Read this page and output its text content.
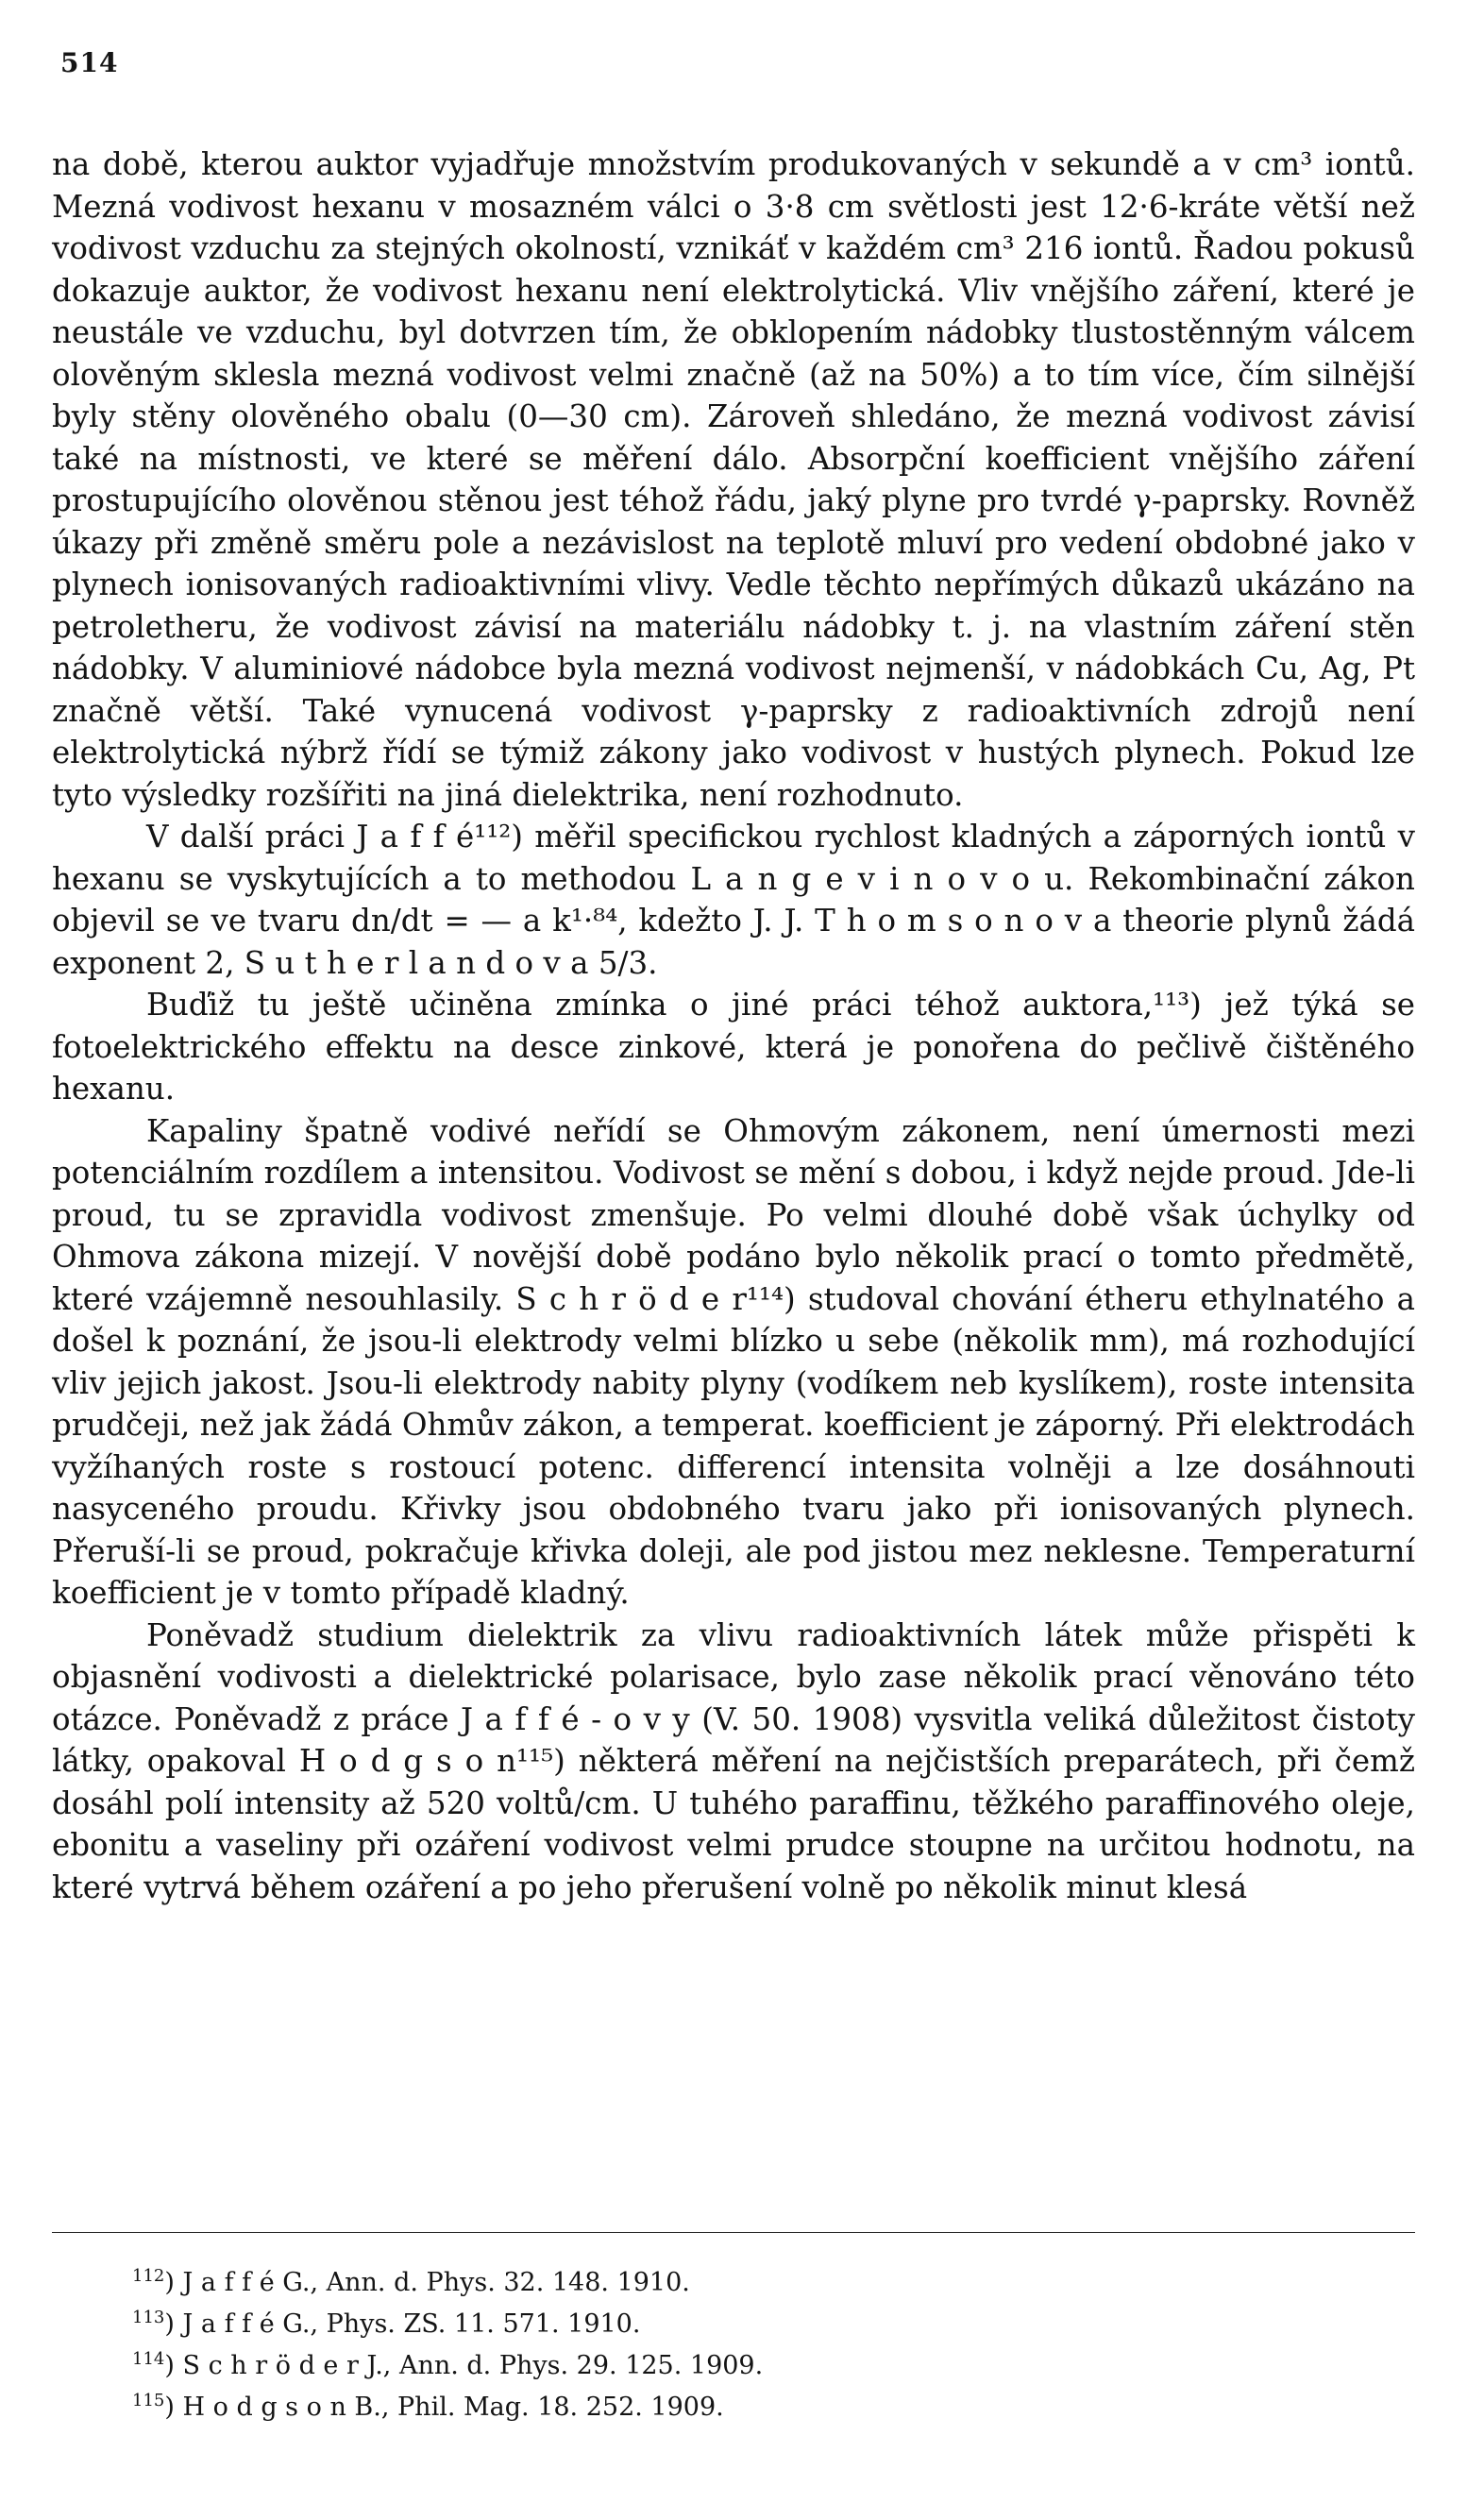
514

na době, kterou auktor vyjadřuje množstvím produkovaných v sekundě a v cm³ iontů. Mezná vodivost hexanu v mosazném válci o 3·8 cm světlosti jest 12·6-kráte větší než vodivost vzduchu za stejných okolností, vznikáť v každém cm³ 216 iontů. Řadou pokusů dokazuje auktor, že vodivost hexanu není elektrolytická. Vliv vnějšího záření, které je neustále ve vzduchu, byl dotvrzen tím, že obklopením nádobky tlustostěnným válcem olověným sklesla mezná vodivost velmi značně (až na 50%) a to tím více, čím silnější byly stěny olověného obalu (0—30 cm). Zároveň shledáno, že mezná vodivost závisí také na místnosti, ve které se měření dálo. Absorpční koefficient vnějšího záření prostupujícího olověnou stěnou jest téhož řádu, jaký plyne pro tvrdé γ-paprsky. Rovněž úkazy při změně směru pole a nezávislost na teplotě mluví pro vedení obdobné jako v plynech ionisovaných radioaktivními vlivy. Vedle těchto nepřímých důkazů ukázáno na petroletheru, že vodivost závisí na materiálu nádobky t. j. na vlastním záření stěn nádobky. V aluminiové nádobce byla mezná vodivost nejmenší, v nádobkách Cu, Ag, Pt značně větší. Také vynucená vodivost γ-paprsky z radioaktivních zdrojů není elektrolytická nýbrž řídí se týmiž zákony jako vodivost v hustých plynech. Pokud lze tyto výsledky rozšířiti na jiná dielektrika, není rozhodnuto.

V další práci J a f f é¹¹²) měřil specifickou rychlost kladných a záporných iontů v hexanu se vyskytujících a to methodou L a n g e v i n o v o u. Rekombinační zákon objevil se ve tvaru dn/dt = — a k¹·⁸⁴, kdežto J. J. T h o m s o n o v a theorie plynů žádá exponent 2, S u t h e r l a n d o v a 5/3.

Buďiž tu ještě učiněna zmínka o jiné práci téhož auktora,¹¹³) jež týká se fotoelektrického effektu na desce zinkové, která je ponořena do pečlivě čištěného hexanu.

Kapaliny špatně vodivé neřídí se Ohmovým zákonem, není úmernosti mezi potenciálním rozdílem a intensitou. Vodivost se mění s dobou, i když nejde proud. Jde-li proud, tu se zpravidla vodivost zmenšuje. Po velmi dlouhé době však úchylky od Ohmova zákona mizejí. V novější době podáno bylo několik prací o tomto předmětě, které vzájemně nesouhlasily. S c h r ö d e r¹¹⁴) studoval chování étheru ethylnatého a došel k poznání, že jsou-li elektrody velmi blízko u sebe (několik mm), má rozhodující vliv jejich jakost. Jsou-li elektrody nabity plyny (vodíkem neb kyslíkem), roste intensita prudčeji, než jak žádá Ohmův zákon, a temperat. koefficient je záporný. Při elektrodách vyžíhaných roste s rostoucí potenc. differencí intensita volněji a lze dosáhnouti nasyceného proudu. Křivky jsou obdobného tvaru jako při ionisovaných plynech. Přeruší-li se proud, pokračuje křivka doleji, ale pod jistou mez neklesne. Temperaturní koefficient je v tomto případě kladný.

Poněvadž studium dielektrik za vlivu radioaktivních látek může přispěti k objasnění vodivosti a dielektrické polarisace, bylo zase několik prací věnováno této otázce. Poněvadž z práce J a f f é - o v y (V. 50. 1908) vysvitla veliká důležitost čistoty látky, opakoval H o d g s o n¹¹⁵) některá měření na nejčistších preparátech, při čemž dosáhl polí intensity až 520 voltů/cm. U tuhého paraffinu, těžkého paraffinového oleje, ebonitu a vaseliny při ozáření vodivost velmi prudce stoupne na určitou hodnotu, na které vytrvá během ozáření a po jeho přerušení volně po několik minut klesá

$^{112}$) J a f f é G., Ann. d. Phys. 32. 148. 1910.
$^{113}$) J a f f é G., Phys. ZS. 11. 571. 1910.
$^{114}$) S c h r ö d e r J., Ann. d. Phys. 29. 125. 1909.
$^{115}$) H o d g s o n B., Phil. Mag. 18. 252. 1909.
